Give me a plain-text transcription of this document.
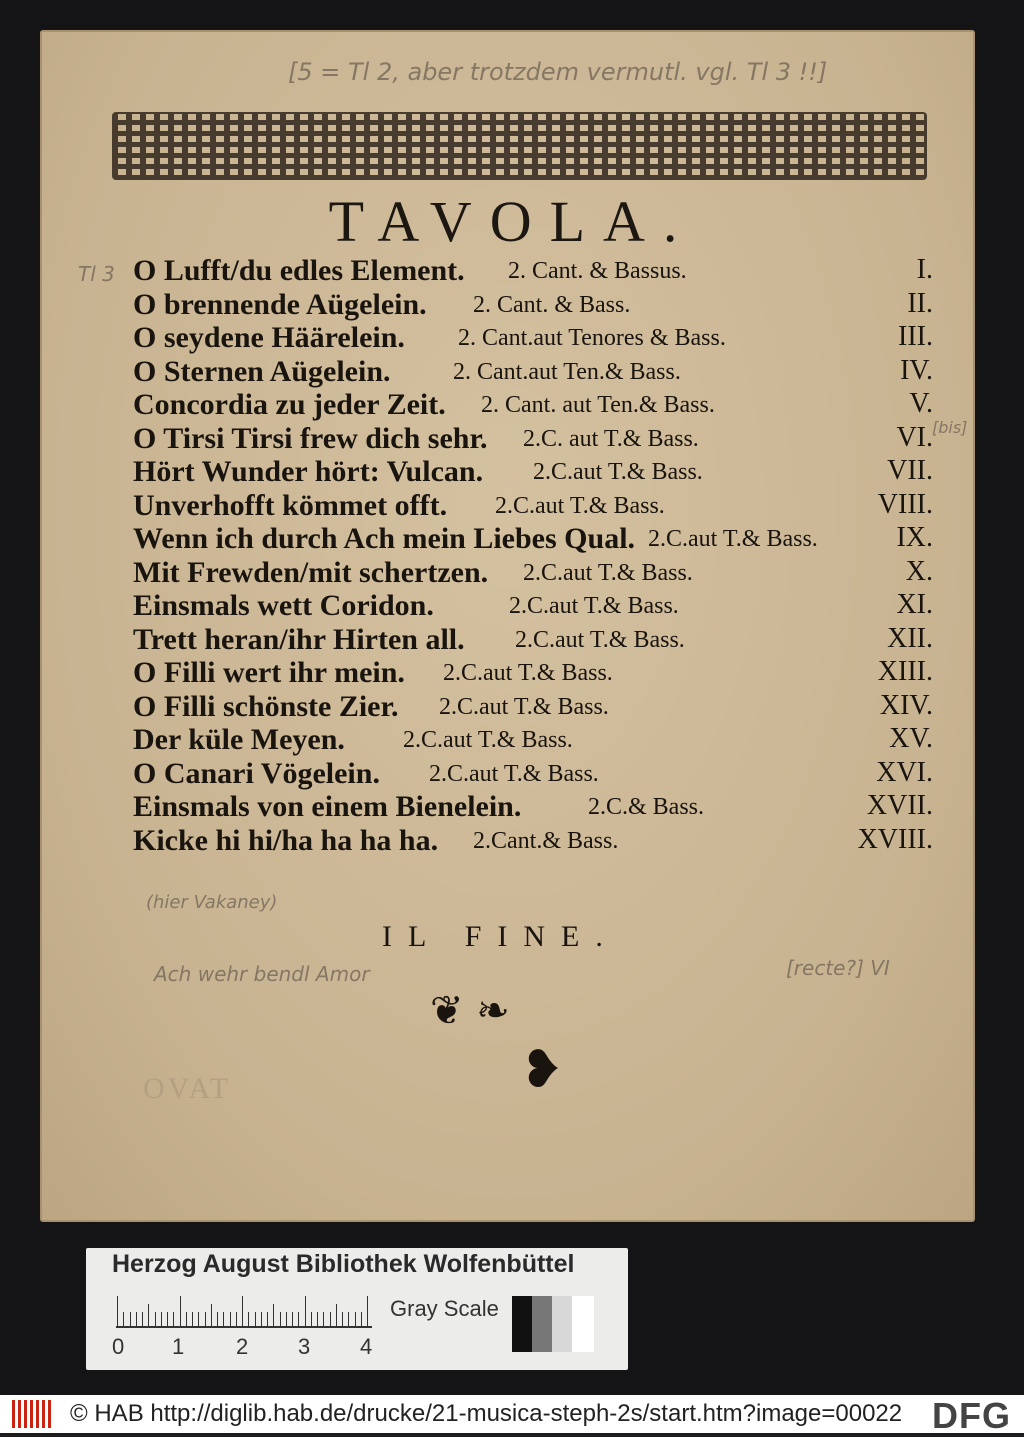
[5 = Tl 2, aber trotzdem vermutl. vgl. Tl 3 !!]
Tl 3
[bis]
Ach wehr bendl Amor	[recte?] VI
(hier Vakaney)
TAVOLA.
O Lufft/du edles Element. 2. Cant. & Bassus.	I.
O brennende Aügelein. 2. Cant. & Bass.	II.
O seydene Häärelein. 2. Cant.aut Tenores & Bass.	III.
O Sternen Aügelein.	2. Cant.aut Ten.& Bass.	IV.
Concordia zu jeder Zeit. 2. Cant. aut Ten.& Bass.	V.
O Tirsi Tirsi frew dich sehr. 2.C. aut T.& Bass.	VI.
Hört Wunder hört: Vulcan. 2.C.aut T.& Bass.	VII.
Unverhofft kömmet offt. 2.C.aut T.& Bass.	VIII.
Wenn ich durch Ach mein Liebes Qual. 2.C.aut T.& Bass.	IX.
Mit Frewden/mit schertzen. 2.C.aut T.& Bass.	X.
Einsmals wett Coridon.	2.C.aut T.& Bass.	XI.
Trett heran/ihr Hirten all. 2.C.aut T.& Bass.	XII.
O Filli wert ihr mein. 2.C.aut T.& Bass.	XIII.
O Filli schönste Zier. 2.C.aut T.& Bass.	XIV.
Der küle Meyen. 2.C.aut T.& Bass.	XV.
O Canari Vögelein. 2.C.aut T.& Bass.	XVI.
Einsmals von einem Bienelein.	2.C.& Bass.	XVII.
Kicke hi hi/ha ha ha ha. 2.Cant.& Bass.	XVIII.
IL FINE.
❦ ❧
❥
OVAT
Herzog August Bibliothek Wolfenbüttel
0 1 2 3 4
Gray Scale
© HAB http://diglib.hab.de/drucke/21-musica-steph-2s/start.htm?image=00022 DFG
